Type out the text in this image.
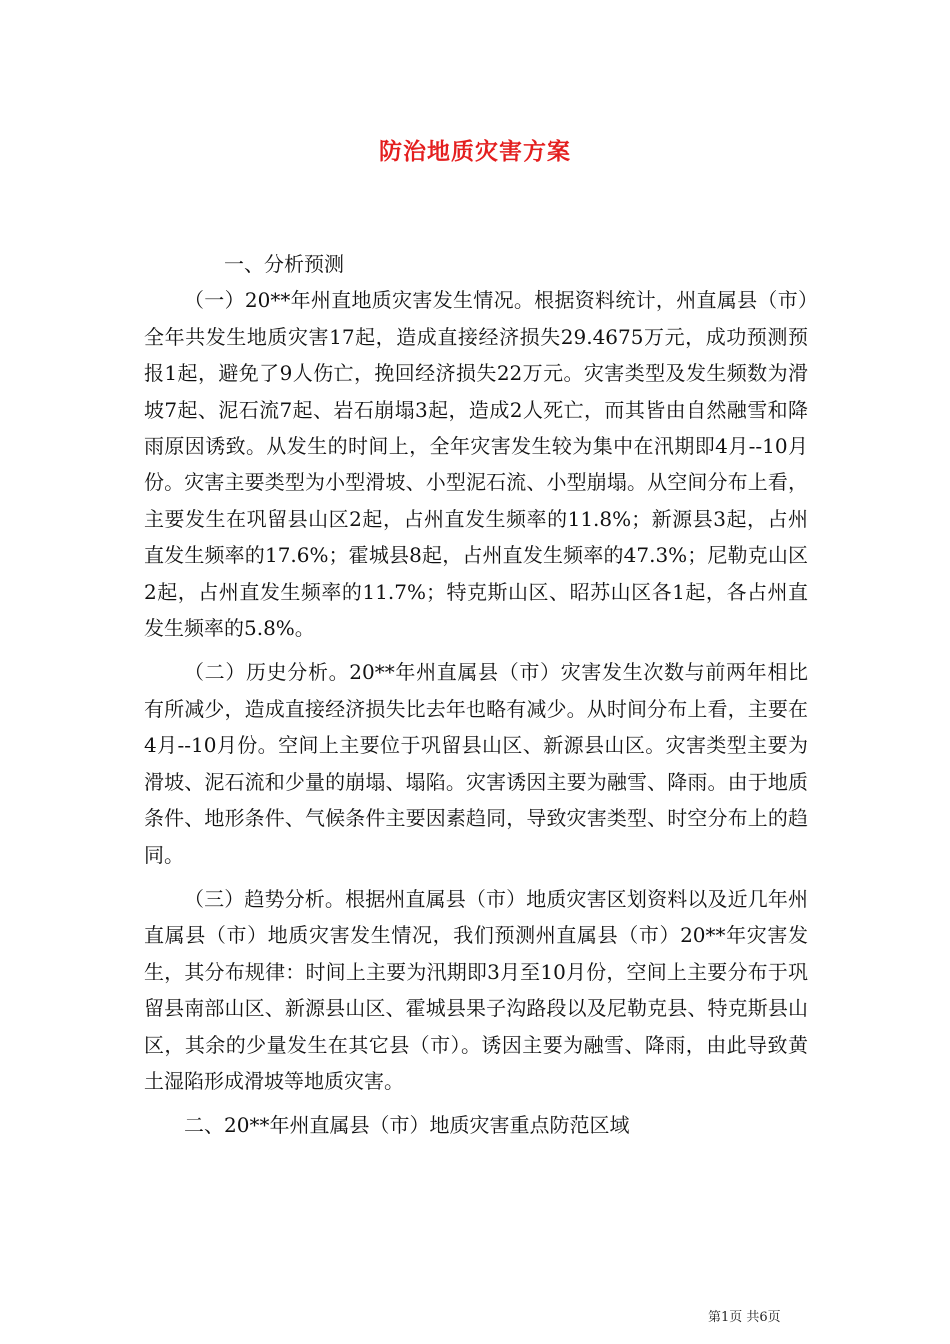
防治地质灾害方案

一、分析预测

（一）20**年州直地质灾害发生情况。根据资料统计，州直属县（市）全年共发生地质灾害17起，造成直接经济损失29.4675万元，成功预测预报1起，避免了9人伤亡，挽回经济损失22万元。灾害类型及发生频数为滑坡7起、泥石流7起、岩石崩塌3起，造成2人死亡，而其皆由自然融雪和降雨原因诱致。从发生的时间上，全年灾害发生较为集中在汛期即4月--10月份。灾害主要类型为小型滑坡、小型泥石流、小型崩塌。从空间分布上看，主要发生在巩留县山区2起，占州直发生频率的11.8%；新源县3起，占州直发生频率的17.6%；霍城县8起，占州直发生频率的47.3%；尼勒克山区2起，占州直发生频率的11.7%；特克斯山区、昭苏山区各1起，各占州直发生频率的5.8%。

（二）历史分析。20**年州直属县（市）灾害发生次数与前两年相比有所减少，造成直接经济损失比去年也略有减少。从时间分布上看，主要在4月--10月份。空间上主要位于巩留县山区、新源县山区。灾害类型主要为滑坡、泥石流和少量的崩塌、塌陷。灾害诱因主要为融雪、降雨。由于地质条件、地形条件、气候条件主要因素趋同，导致灾害类型、时空分布上的趋同。

（三）趋势分析。根据州直属县（市）地质灾害区划资料以及近几年州直属县（市）地质灾害发生情况，我们预测州直属县（市）20**年灾害发生，其分布规律：时间上主要为汛期即3月至10月份，空间上主要分布于巩留县南部山区、新源县山区、霍城县果子沟路段以及尼勒克县、特克斯县山区，其余的少量发生在其它县（市）。诱因主要为融雪、降雨，由此导致黄土湿陷形成滑坡等地质灾害。

二、20**年州直属县（市）地质灾害重点防范区域

第1页 共6页
